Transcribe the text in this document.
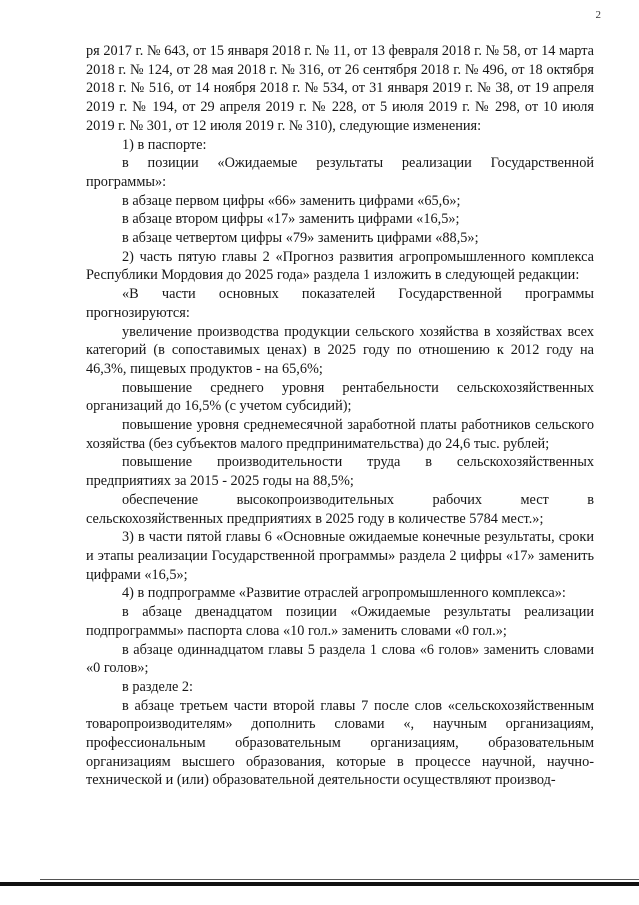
2

ря 2017 г. № 643, от 15 января 2018 г. № 11, от 13 февраля 2018 г. № 58, от 14 марта 2018 г. № 124, от 28 мая 2018 г. № 316, от 26 сентября 2018 г. № 496, от 18 октября 2018 г. № 516, от 14 ноября 2018 г. № 534, от 31 января 2019 г. № 38, от 19 апреля 2019 г. № 194, от 29 апреля 2019 г. № 228, от 5 июля 2019 г. № 298, от 10 июля 2019 г. № 301, от 12 июля 2019 г. № 310), следующие изменения:

1) в паспорте:

в позиции «Ожидаемые результаты реализации Государственной программы»:

в абзаце первом цифры «66» заменить цифрами «65,6»;

в абзаце втором цифры «17» заменить цифрами «16,5»;

в абзаце четвертом цифры «79» заменить цифрами «88,5»;

2) часть пятую главы 2 «Прогноз развития агропромышленного комплекса Республики Мордовия до 2025 года» раздела 1 изложить в следующей редакции:

«В части основных показателей Государственной программы прогнозируются:

увеличение производства продукции сельского хозяйства в хозяйствах всех категорий (в сопоставимых ценах) в 2025 году по отношению к 2012 году на 46,3%, пищевых продуктов - на 65,6%;

повышение среднего уровня рентабельности сельскохозяйственных организаций до 16,5% (с учетом субсидий);

повышение уровня среднемесячной заработной платы работников сельского хозяйства (без субъектов малого предпринимательства) до 24,6 тыс. рублей;

повышение производительности труда в сельскохозяйственных предприятиях за 2015 - 2025 годы на 88,5%;

обеспечение высокопроизводительных рабочих мест в сельскохозяйственных предприятиях в 2025 году в количестве 5784 мест.»;

3) в части пятой главы 6 «Основные ожидаемые конечные результаты, сроки и этапы реализации Государственной программы» раздела 2 цифры «17» заменить цифрами «16,5»;

4) в подпрограмме «Развитие отраслей агропромышленного комплекса»:

в абзаце двенадцатом позиции «Ожидаемые результаты реализации подпрограммы» паспорта слова «10 гол.» заменить словами «0 гол.»;

в абзаце одиннадцатом главы 5 раздела 1 слова «6 голов» заменить словами «0 голов»;

в разделе 2:

в абзаце третьем части второй главы 7 после слов «сельскохозяйственным товаропроизводителям» дополнить словами «, научным организациям, профессиональным образовательным организациям, образовательным организациям высшего образования, которые в процессе научной, научно-технической и (или) образовательной деятельности осуществляют производ-
